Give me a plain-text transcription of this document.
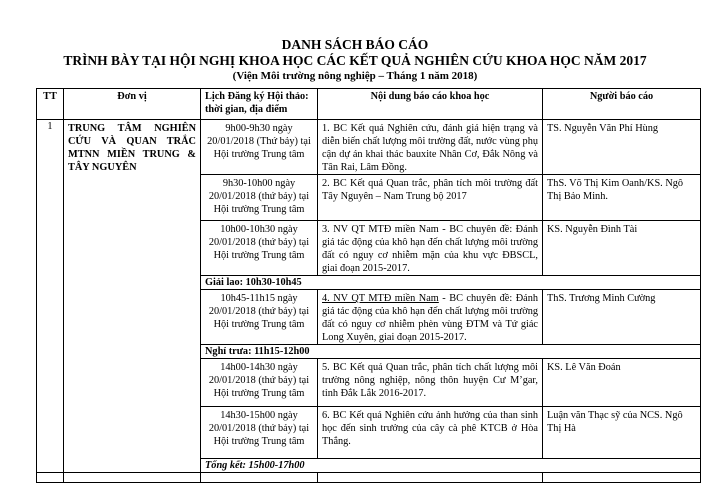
DANH SÁCH BÁO CÁO
TRÌNH BÀY TẠI HỘI NGHỊ KHOA HỌC CÁC KẾT QUẢ NGHIÊN CỨU KHOA HỌC NĂM 2017
(Viện Môi trường nông nghiệp – Tháng 1 năm 2018)
TT	Đơn vị	Lịch Đăng ký Hội thảo: thời gian, địa điểm	Nội dung báo cáo khoa học	Người báo cáo
1	TRUNG TÂM NGHIÊN CỨU VÀ QUAN TRẮC MTNN MIỀN TRUNG & TÂY NGUYÊN	9h00-9h30 ngày 20/01/2018 (Thứ bảy) tại Hội trường Trung tâm	1. BC Kết quả Nghiên cứu, đánh giá hiện trạng và diễn biến chất lượng môi trường đất, nước vùng phụ cận dự án khai thác bauxite Nhân Cơ, Đắk Nông và Tân Rai, Lâm Đồng.	TS. Nguyễn Văn Phí Hùng
		9h30-10h00 ngày 20/01/2018 (thứ bảy) tại Hội trường Trung tâm	2. BC Kết quả Quan trắc, phân tích môi trường đất Tây Nguyên – Nam Trung bộ 2017	ThS. Võ Thị Kim Oanh/KS. Ngô Thị Bảo Minh.
		10h00-10h30 ngày 20/01/2018 (thứ bảy) tại Hội trường Trung tâm	3. NV QT MTĐ miền Nam - BC chuyên đề: Đánh giá tác động của khô hạn đến chất lượng môi trường đất có nguy cơ nhiễm mặn của khu vực ĐBSCL, giai đoạn 2015-2017.	KS. Nguyễn Đình Tài
		Giải lao: 10h30-10h45		
		10h45-11h15 ngày 20/01/2018 (thứ bảy) tại Hội trường Trung tâm	4. NV QT MTĐ miền Nam - BC chuyên đề: Đánh giá tác động của khô hạn đến chất lượng môi trường đất có nguy cơ nhiễm phèn vùng ĐTM và Tứ giác Long Xuyên, giai đoạn 2015-2017.	ThS. Trương Minh Cường
		Nghỉ trưa: 11h15-12h00		
		14h00-14h30 ngày 20/01/2018 (thứ bảy) tại Hội trường Trung tâm	5. BC Kết quả Quan trắc, phân tích chất lượng môi trường nông nghiệp, nông thôn huyện Cư M’gar, tỉnh Đắk Lắk 2016-2017.	KS. Lê Văn Đoán
		14h30-15h00 ngày 20/01/2018 (thứ bảy) tại Hội trường Trung tâm	6. BC Kết quả Nghiên cứu ảnh hưởng của than sinh học đến sinh trưởng của cây cà phê KTCB ở Hòa Thắng.	Luận văn Thạc sỹ của NCS. Ngô Thị Hà
		Tổng kết: 15h00-17h00		
